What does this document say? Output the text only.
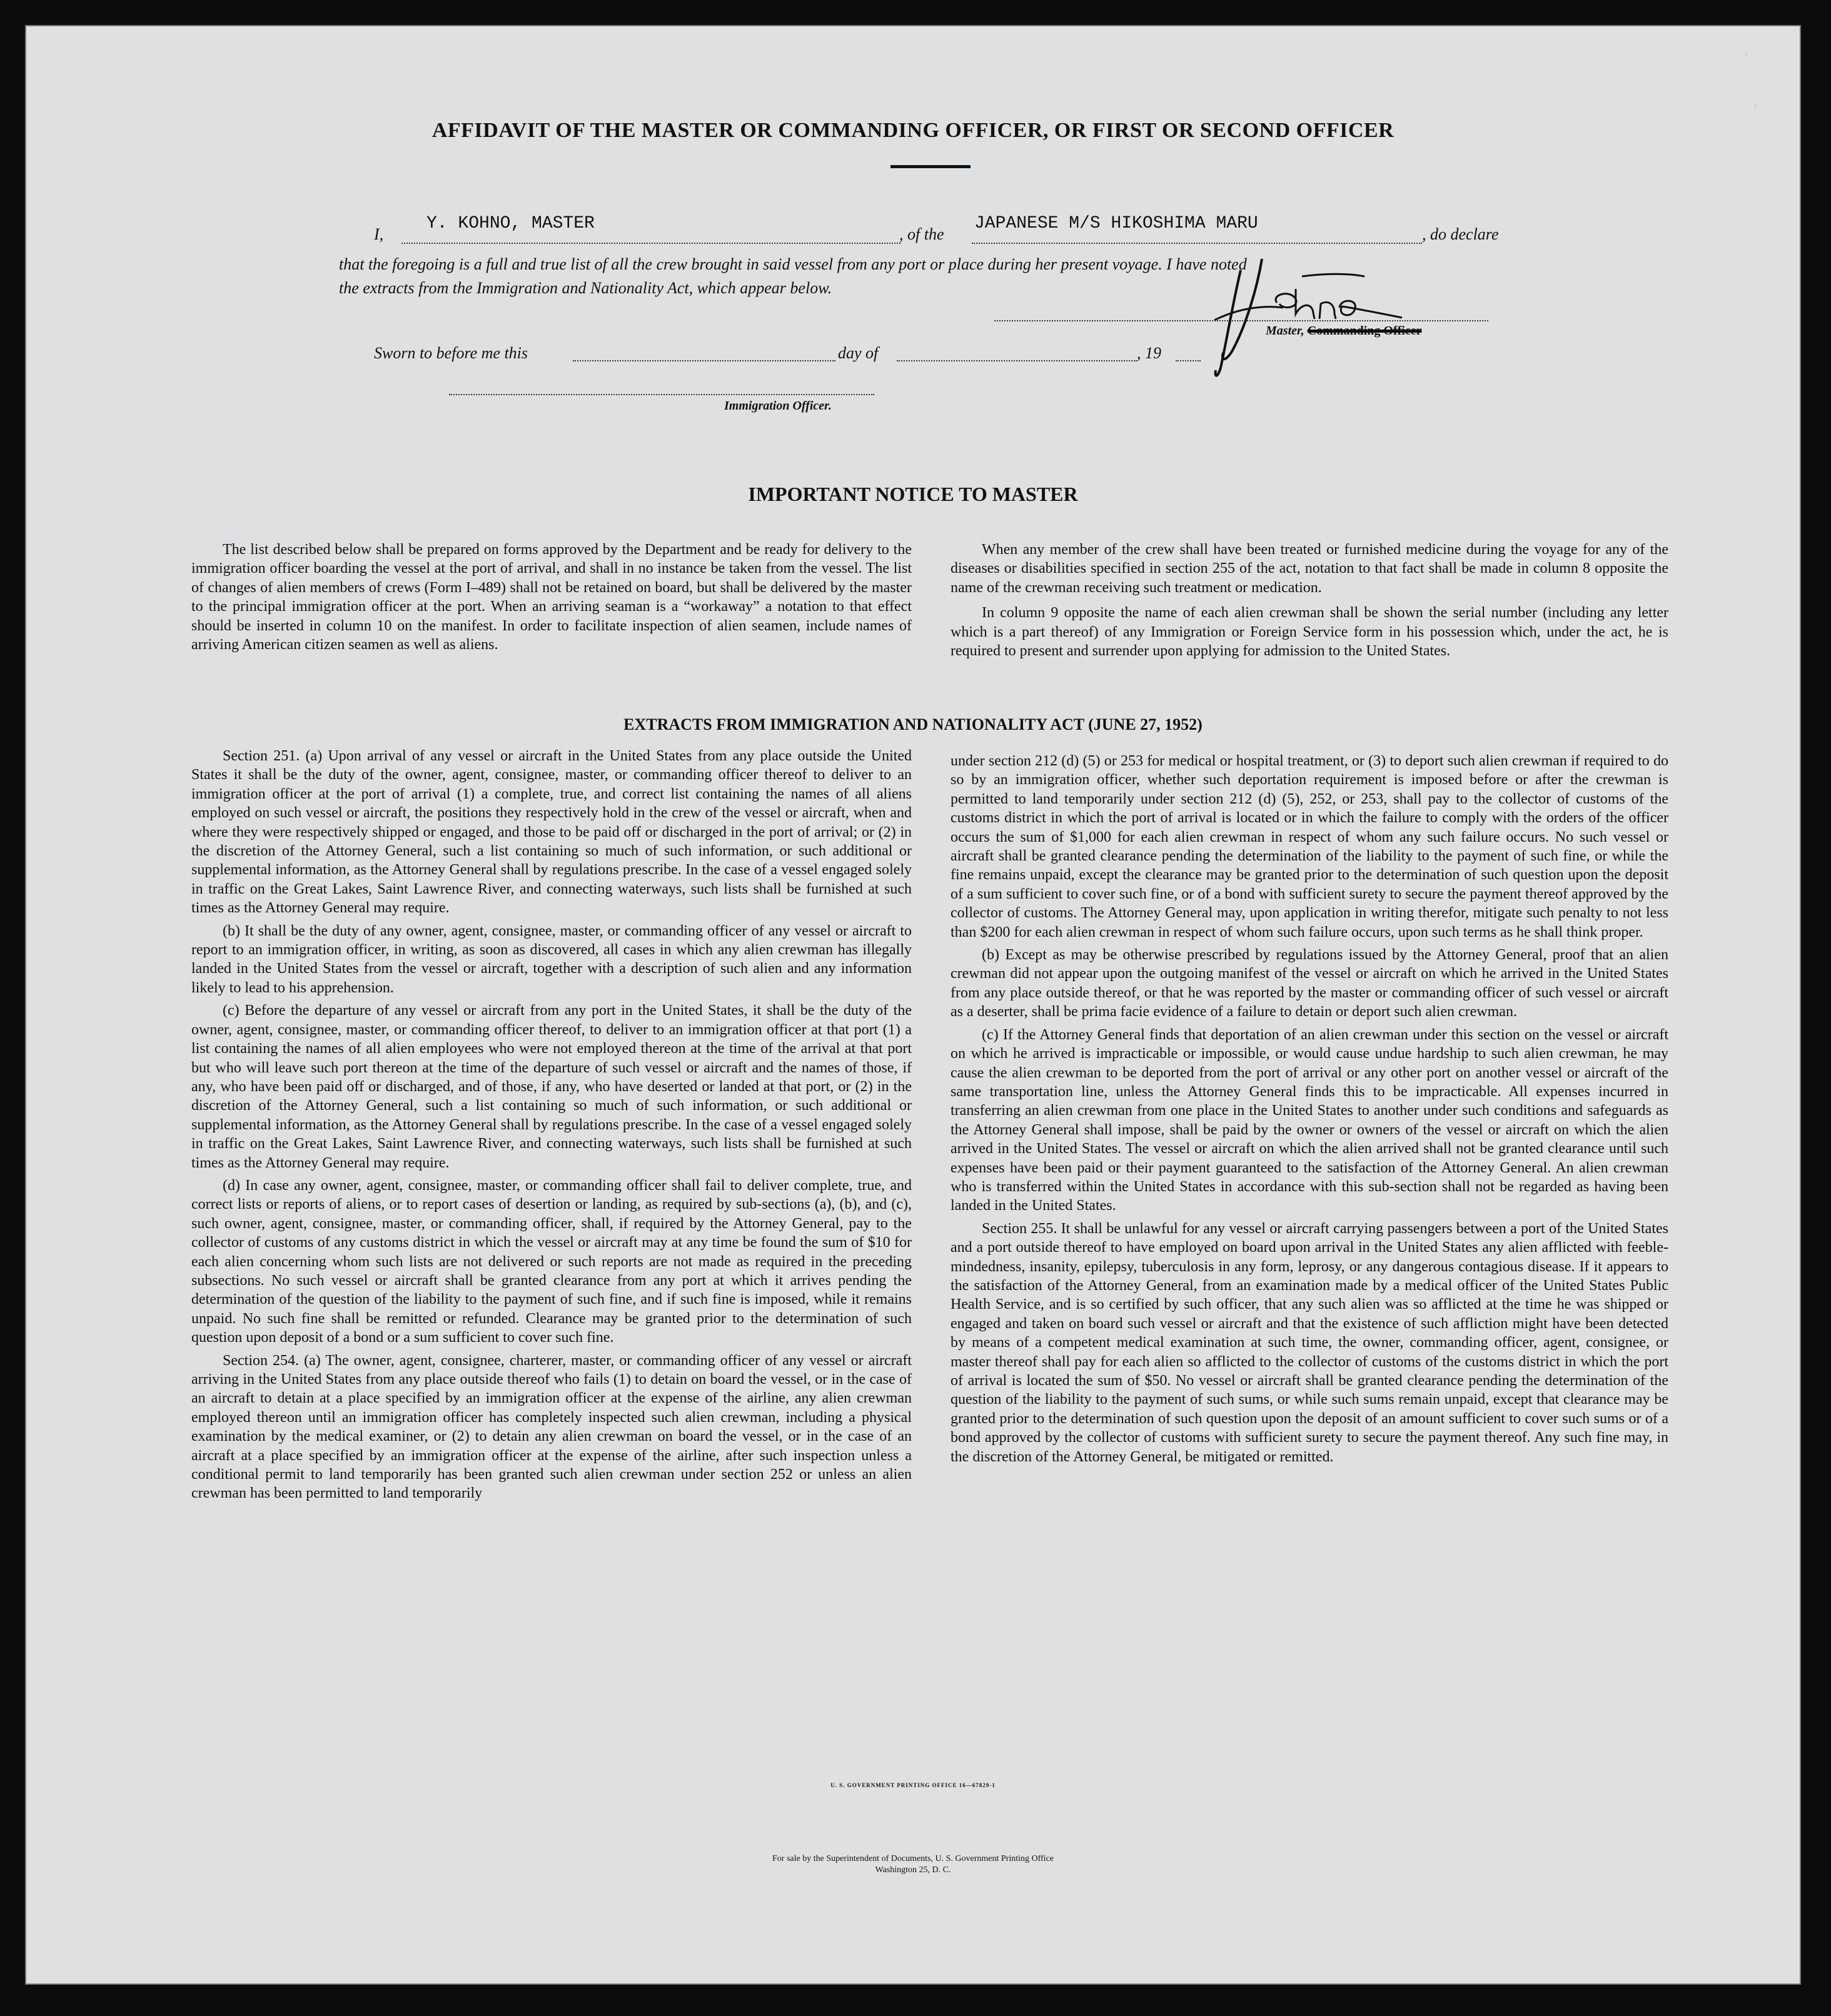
AFFIDAVIT OF THE MASTER OR COMMANDING OFFICER, OR FIRST OR SECOND OFFICER
I,
Y. KOHNO, MASTER
, of the
JAPANESE M/S HIKOSHIMA MARU
, do declare
that the foregoing is a full and true list of all the crew brought in said vessel from any port or place during her present voyage. I have noted
the extracts from the Immigration and Nationality Act, which appear below.
Master, Commanding Officer
Sworn to before me this	day of	, 19
Immigration Officer.
IMPORTANT NOTICE TO MASTER

The list described below shall be prepared on forms approved by the Department and be ready for delivery to the immigration officer boarding the vessel at the port of arrival, and shall in no instance be taken from the vessel. The list of changes of alien members of crews (Form I–489) shall not be retained on board, but shall be delivered by the master to the principal immigration officer at the port. When an arriving seaman is a “workaway” a notation to that effect should be inserted in column 10 on the manifest. In order to facilitate inspection of alien seamen, include names of arriving American citizen seamen as well as aliens.

When any member of the crew shall have been treated or furnished medicine during the voyage for any of the diseases or disabilities specified in section 255 of the act, notation to that fact shall be made in column 8 opposite the name of the crewman receiving such treatment or medication.

In column 9 opposite the name of each alien crewman shall be shown the serial number (including any letter which is a part thereof) of any Immigration or Foreign Service form in his possession which, under the act, he is required to present and surrender upon applying for admission to the United States.

EXTRACTS FROM IMMIGRATION AND NATIONALITY ACT (JUNE 27, 1952)

Section 251. (a) Upon arrival of any vessel or aircraft in the United States from any place outside the United States it shall be the duty of the owner, agent, consignee, master, or commanding officer thereof to deliver to an immigration officer at the port of arrival (1) a complete, true, and correct list containing the names of all aliens employed on such vessel or aircraft, the positions they respectively hold in the crew of the vessel or aircraft, when and where they were respectively shipped or engaged, and those to be paid off or discharged in the port of arrival; or (2) in the discretion of the Attorney General, such a list containing so much of such information, or such additional or supplemental information, as the Attorney General shall by regulations prescribe. In the case of a vessel engaged solely in traffic on the Great Lakes, Saint Lawrence River, and connecting waterways, such lists shall be furnished at such times as the Attorney General may require.

(b) It shall be the duty of any owner, agent, consignee, master, or commanding officer of any vessel or aircraft to report to an immigration officer, in writing, as soon as discovered, all cases in which any alien crewman has illegally landed in the United States from the vessel or aircraft, together with a description of such alien and any information likely to lead to his apprehension.

(c) Before the departure of any vessel or aircraft from any port in the United States, it shall be the duty of the owner, agent, consignee, master, or commanding officer thereof, to deliver to an immigration officer at that port (1) a list containing the names of all alien employees who were not employed thereon at the time of the arrival at that port but who will leave such port thereon at the time of the departure of such vessel or aircraft and the names of those, if any, who have been paid off or discharged, and of those, if any, who have deserted or landed at that port, or (2) in the discretion of the Attorney General, such a list containing so much of such information, or such additional or supplemental information, as the Attorney General shall by regulations prescribe. In the case of a vessel engaged solely in traffic on the Great Lakes, Saint Lawrence River, and connecting waterways, such lists shall be furnished at such times as the Attorney General may require.

(d) In case any owner, agent, consignee, master, or commanding officer shall fail to deliver complete, true, and correct lists or reports of aliens, or to report cases of desertion or landing, as required by sub-sections (a), (b), and (c), such owner, agent, consignee, master, or commanding officer, shall, if required by the Attorney General, pay to the collector of customs of any customs district in which the vessel or aircraft may at any time be found the sum of $10 for each alien concerning whom such lists are not delivered or such reports are not made as required in the preceding subsections. No such vessel or aircraft shall be granted clearance from any port at which it arrives pending the determination of the question of the liability to the payment of such fine, and if such fine is imposed, while it remains unpaid. No such fine shall be remitted or refunded. Clearance may be granted prior to the determination of such question upon deposit of a bond or a sum sufficient to cover such fine.

Section 254. (a) The owner, agent, consignee, charterer, master, or commanding officer of any vessel or aircraft arriving in the United States from any place outside thereof who fails (1) to detain on board the vessel, or in the case of an aircraft to detain at a place specified by an immigration officer at the expense of the airline, any alien crewman employed thereon until an immigration officer has completely inspected such alien crewman, including a physical examination by the medical examiner, or (2) to detain any alien crewman on board the vessel, or in the case of an aircraft at a place specified by an immigration officer at the expense of the airline, after such inspection unless a conditional permit to land temporarily has been granted such alien crewman under section 252 or unless an alien crewman has been permitted to land temporarily

under section 212 (d) (5) or 253 for medical or hospital treatment, or (3) to deport such alien crewman if required to do so by an immigration officer, whether such deportation requirement is imposed before or after the crewman is permitted to land temporarily under section 212 (d) (5), 252, or 253, shall pay to the collector of customs of the customs district in which the port of arrival is located or in which the failure to comply with the orders of the officer occurs the sum of $1,000 for each alien crewman in respect of whom any such failure occurs. No such vessel or aircraft shall be granted clearance pending the determination of the liability to the payment of such fine, or while the fine remains unpaid, except the clearance may be granted prior to the determination of such question upon the deposit of a sum sufficient to cover such fine, or of a bond with sufficient surety to secure the payment thereof approved by the collector of customs. The Attorney General may, upon application in writing therefor, mitigate such penalty to not less than $200 for each alien crewman in respect of whom such failure occurs, upon such terms as he shall think proper.

(b) Except as may be otherwise prescribed by regulations issued by the Attorney General, proof that an alien crewman did not appear upon the outgoing manifest of the vessel or aircraft on which he arrived in the United States from any place outside thereof, or that he was reported by the master or commanding officer of such vessel or aircraft as a deserter, shall be prima facie evidence of a failure to detain or deport such alien crewman.

(c) If the Attorney General finds that deportation of an alien crewman under this section on the vessel or aircraft on which he arrived is impracticable or impossible, or would cause undue hardship to such alien crewman, he may cause the alien crewman to be deported from the port of arrival or any other port on another vessel or aircraft of the same transportation line, unless the Attorney General finds this to be impracticable. All expenses incurred in transferring an alien crewman from one place in the United States to another under such conditions and safeguards as the Attorney General shall impose, shall be paid by the owner or owners of the vessel or aircraft on which the alien arrived in the United States. The vessel or aircraft on which the alien arrived shall not be granted clearance until such expenses have been paid or their payment guaranteed to the satisfaction of the Attorney General. An alien crewman who is transferred within the United States in accordance with this sub-section shall not be regarded as having been landed in the United States.

Section 255. It shall be unlawful for any vessel or aircraft carrying passengers between a port of the United States and a port outside thereof to have employed on board upon arrival in the United States any alien afflicted with feeble-mindedness, insanity, epilepsy, tuberculosis in any form, leprosy, or any dangerous contagious disease. If it appears to the satisfaction of the Attorney General, from an examination made by a medical officer of the United States Public Health Service, and is so certified by such officer, that any such alien was so afflicted at the time he was shipped or engaged and taken on board such vessel or aircraft and that the existence of such affliction might have been detected by means of a competent medical examination at such time, the owner, commanding officer, agent, consignee, or master thereof shall pay for each alien so afflicted to the collector of customs of the customs district in which the port of arrival is located the sum of $50. No vessel or aircraft shall be granted clearance pending the determination of the question of the liability to the payment of such sums, or while such sums remain unpaid, except that clearance may be granted prior to the determination of such question upon the deposit of an amount sufficient to cover such sums or of a bond approved by the collector of customs with sufficient surety to secure the payment thereof. Any such fine may, in the discretion of the Attorney General, be mitigated or remitted.

U. S. GOVERNMENT PRINTING OFFICE 16—67829-1
For sale by the Superintendent of Documents, U. S. Government Printing Office
Washington 25, D. C.
'
,
